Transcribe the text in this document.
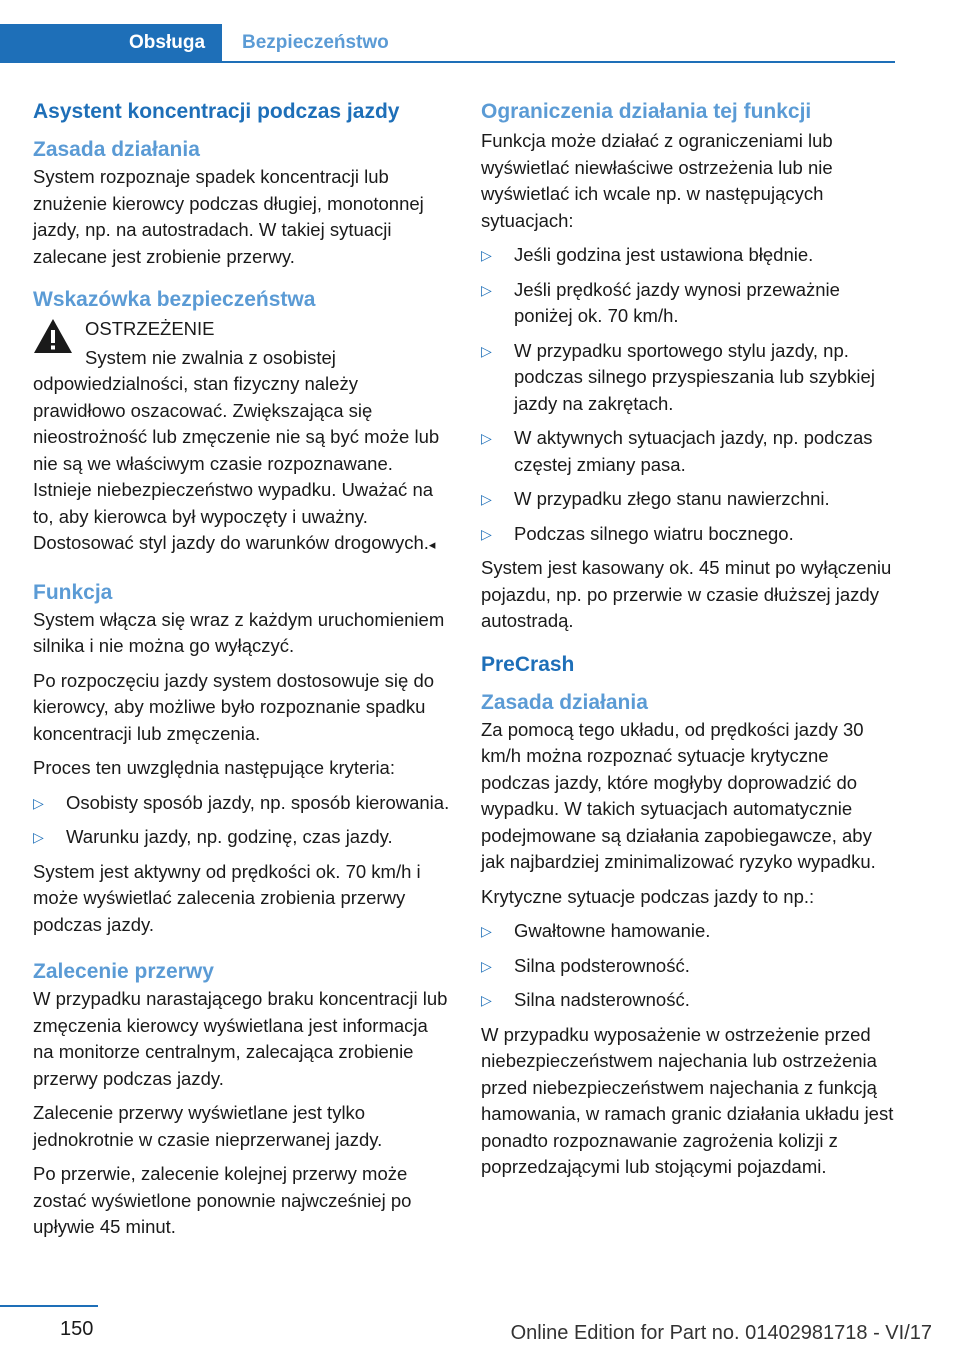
Obsługa	Bezpieczeństwo
Asystent koncentracji podczas jazdy
Zasada działania

System rozpoznaje spadek koncentracji lub znużenie kierowcy podczas długiej, monotonnej jazdy, np. na autostradach. W takiej sytuacji zalecane jest zrobienie przerwy.

Wskazówka bezpieczeństwa

OSTRZEŻENIE

System nie zwalnia z osobistej odpowiedzialności, stan fizyczny należy prawidłowo oszacować. Zwiększająca się nieostrożność lub zmęczenie nie są być może lub nie są we właściwym czasie rozpoznawane. Istnieje niebezpieczeństwo wypadku. Uważać na to, aby kierowca był wypoczęty i uważny. Dostosować styl jazdy do warunków drogowych.◂

Funkcja

System włącza się wraz z każdym uruchomieniem silnika i nie można go wyłączyć.

Po rozpoczęciu jazdy system dostosowuje się do kierowcy, aby możliwe było rozpoznanie spadku koncentracji lub zmęczenia.

Proces ten uwzględnia następujące kryteria:

▷	Osobisty sposób jazdy, np. sposób kierowania.
▷	Warunku jazdy, np. godzinę, czas jazdy.

System jest aktywny od prędkości ok. 70 km/h i może wyświetlać zalecenia zrobienia przerwy podczas jazdy.

Zalecenie przerwy

W przypadku narastającego braku koncentracji lub zmęczenia kierowcy wyświetlana jest informacja na monitorze centralnym, zalecająca zrobienie przerwy podczas jazdy.

Zalecenie przerwy wyświetlane jest tylko jednokrotnie w czasie nieprzerwanej jazdy.

Po przerwie, zalecenie kolejnej przerwy może zostać wyświetlone ponownie najwcześniej po upływie 45 minut.

Ograniczenia działania tej funkcji

Funkcja może działać z ograniczeniami lub wyświetlać niewłaściwe ostrzeżenia lub nie wyświetlać ich wcale np. w następujących sytuacjach:

▷	Jeśli godzina jest ustawiona błędnie.
▷	Jeśli prędkość jazdy wynosi przeważnie poniżej ok. 70 km/h.
▷	W przypadku sportowego stylu jazdy, np. podczas silnego przyspieszania lub szybkiej jazdy na zakrętach.
▷	W aktywnych sytuacjach jazdy, np. podczas częstej zmiany pasa.
▷	W przypadku złego stanu nawierzchni.
▷	Podczas silnego wiatru bocznego.

System jest kasowany ok. 45 minut po wyłączeniu pojazdu, np. po przerwie w czasie dłuższej jazdy autostradą.

PreCrash
Zasada działania

Za pomocą tego układu, od prędkości jazdy 30 km/h można rozpoznać sytuacje krytyczne podczas jazdy, które mogłyby doprowadzić do wypadku. W takich sytuacjach automatycznie podejmowane są działania zapobiegawcze, aby jak najbardziej zminimalizować ryzyko wypadku.

Krytyczne sytuacje podczas jazdy to np.:

▷	Gwałtowne hamowanie.
▷	Silna podsterowność.
▷	Silna nadsterowność.

W przypadku wyposażenie w ostrzeżenie przed niebezpieczeństwem najechania lub ostrzeżenia przed niebezpieczeństwem najechania z funkcją hamowania, w ramach granic działania układu jest ponadto rozpoznawanie zagrożenia kolizji z poprzedzającymi lub stojącymi pojazdami.

150	Online Edition for Part no. 01402981718 - VI/17
